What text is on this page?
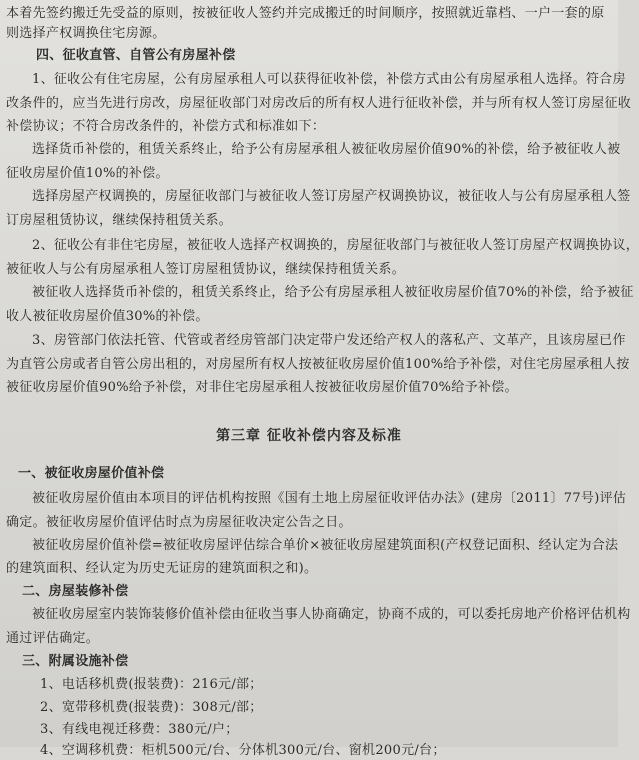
本着先签约搬迁先受益的原则，按被征收人签约并完成搬迁的时间顺序，按照就近靠档、一户一套的原
则选择产权调换住宅房源。
四、征收直管、自管公有房屋补偿
1、征收公有住宅房屋，公有房屋承租人可以获得征收补偿，补偿方式由公有房屋承租人选择。符合房
改条件的，应当先进行房改，房屋征收部门对房改后的所有权人进行征收补偿，并与所有权人签订房屋征收
补偿协议；不符合房改条件的，补偿方式和标准如下：
选择货币补偿的，租赁关系终止，给予公有房屋承租人被征收房屋价值90%的补偿，给予被征收人被
征收房屋价值10%的补偿。
选择房屋产权调换的，房屋征收部门与被征收人签订房屋产权调换协议，被征收人与公有房屋承租人签
订房屋租赁协议，继续保持租赁关系。
2、征收公有非住宅房屋，被征收人选择产权调换的，房屋征收部门与被征收人签订房屋产权调换协议，
被征收人与公有房屋承租人签订房屋租赁协议，继续保持租赁关系。
被征收人选择货币补偿的，租赁关系终止，给予公有房屋承租人被征收房屋价值70%的补偿，给予被征
收人被征收房屋价值30%的补偿。
3、房管部门依法托管、代管或者经房管部门决定带户发还给产权人的落私产、文革产，且该房屋已作
为直管公房或者自管公房出租的，对房屋所有权人按被征收房屋价值100%给予补偿，对住宅房屋承租人按
被征收房屋价值90%给予补偿，对非住宅房屋承租人按被征收房屋价值70%给予补偿。
第三章 征收补偿内容及标准
一、被征收房屋价值补偿
被征收房屋价值由本项目的评估机构按照《国有土地上房屋征收评估办法》(建房〔2011〕77号)评估
确定。被征收房屋价值评估时点为房屋征收决定公告之日。
被征收房屋价值补偿=被征收房屋评估综合单价×被征收房屋建筑面积(产权登记面积、经认定为合法
的建筑面积、经认定为历史无证房的建筑面积之和)。
二、房屋装修补偿
被征收房屋室内装饰装修价值补偿由征收当事人协商确定，协商不成的，可以委托房地产价格评估机构
通过评估确定。
三、附属设施补偿
1、电话移机费(报装费)：216元/部；
2、宽带移机费(报装费)：308元/部；
3、有线电视迁移费：380元/户；
4、空调移机费：柜机500元/台、分体机300元/台、窗机200元/台；
